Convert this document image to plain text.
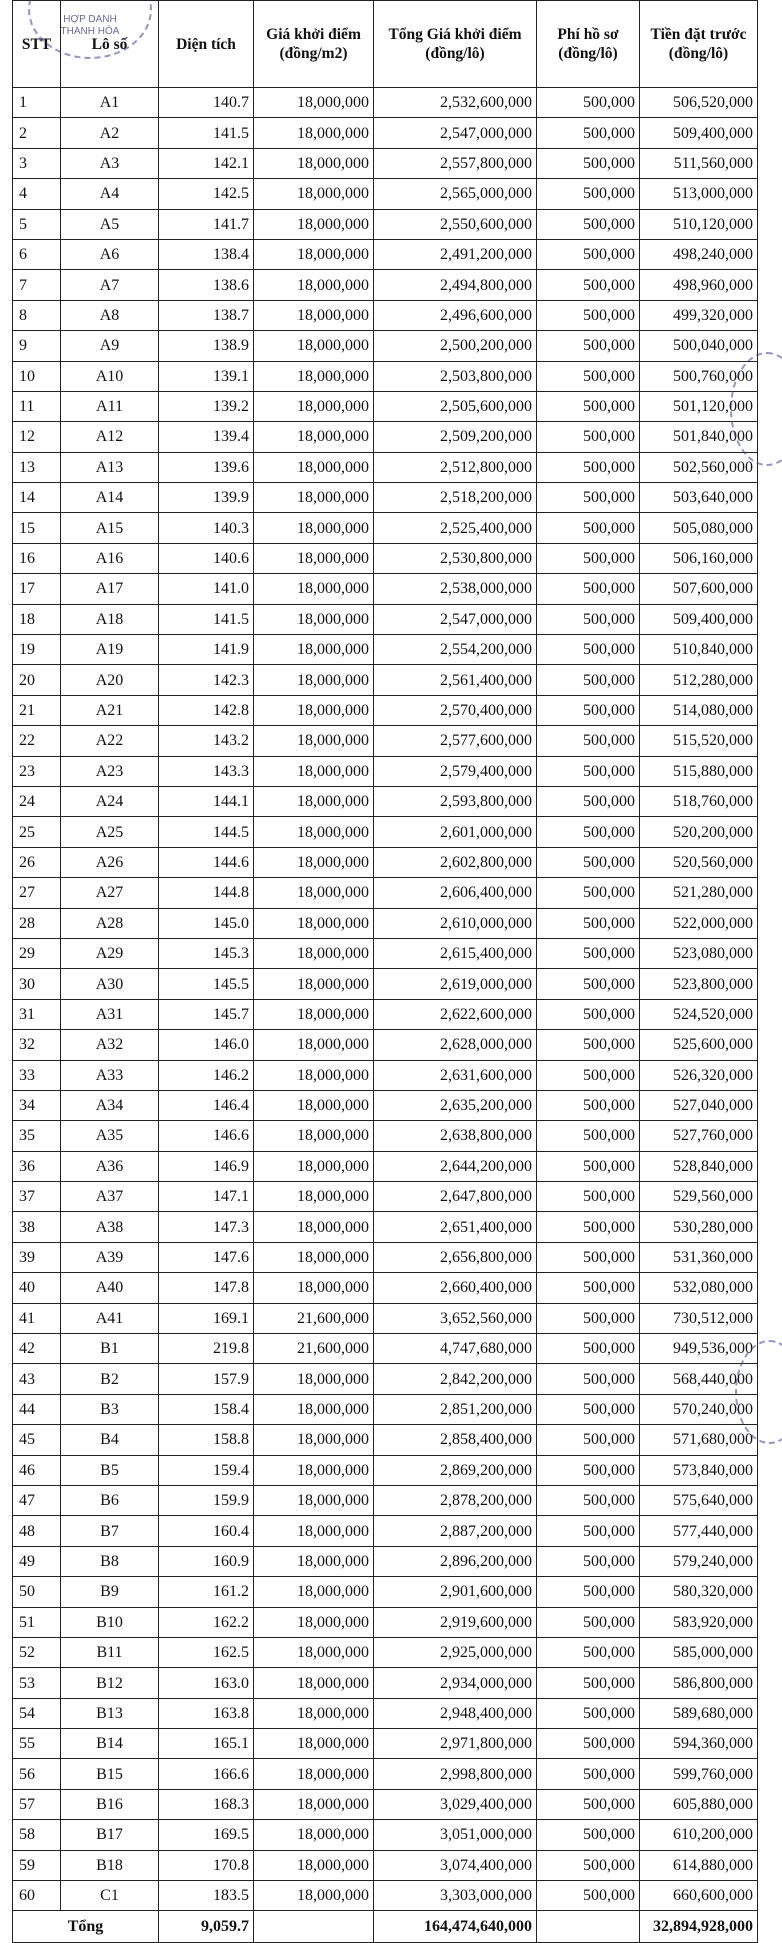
STT	Lô số	Diện tích	Giá khởi điểm (đồng/m2)	Tổng Giá khởi điểm (đồng/lô)	Phí hồ sơ (đồng/lô)	Tiền đặt trước (đồng/lô)
1	A1	140.7	18,000,000	2,532,600,000	500,000	506,520,000
2	A2	141.5	18,000,000	2,547,000,000	500,000	509,400,000
3	A3	142.1	18,000,000	2,557,800,000	500,000	511,560,000
4	A4	142.5	18,000,000	2,565,000,000	500,000	513,000,000
5	A5	141.7	18,000,000	2,550,600,000	500,000	510,120,000
6	A6	138.4	18,000,000	2,491,200,000	500,000	498,240,000
7	A7	138.6	18,000,000	2,494,800,000	500,000	498,960,000
8	A8	138.7	18,000,000	2,496,600,000	500,000	499,320,000
9	A9	138.9	18,000,000	2,500,200,000	500,000	500,040,000
10	A10	139.1	18,000,000	2,503,800,000	500,000	500,760,000
11	A11	139.2	18,000,000	2,505,600,000	500,000	501,120,000
12	A12	139.4	18,000,000	2,509,200,000	500,000	501,840,000
13	A13	139.6	18,000,000	2,512,800,000	500,000	502,560,000
14	A14	139.9	18,000,000	2,518,200,000	500,000	503,640,000
15	A15	140.3	18,000,000	2,525,400,000	500,000	505,080,000
16	A16	140.6	18,000,000	2,530,800,000	500,000	506,160,000
17	A17	141.0	18,000,000	2,538,000,000	500,000	507,600,000
18	A18	141.5	18,000,000	2,547,000,000	500,000	509,400,000
19	A19	141.9	18,000,000	2,554,200,000	500,000	510,840,000
20	A20	142.3	18,000,000	2,561,400,000	500,000	512,280,000
21	A21	142.8	18,000,000	2,570,400,000	500,000	514,080,000
22	A22	143.2	18,000,000	2,577,600,000	500,000	515,520,000
23	A23	143.3	18,000,000	2,579,400,000	500,000	515,880,000
24	A24	144.1	18,000,000	2,593,800,000	500,000	518,760,000
25	A25	144.5	18,000,000	2,601,000,000	500,000	520,200,000
26	A26	144.6	18,000,000	2,602,800,000	500,000	520,560,000
27	A27	144.8	18,000,000	2,606,400,000	500,000	521,280,000
28	A28	145.0	18,000,000	2,610,000,000	500,000	522,000,000
29	A29	145.3	18,000,000	2,615,400,000	500,000	523,080,000
30	A30	145.5	18,000,000	2,619,000,000	500,000	523,800,000
31	A31	145.7	18,000,000	2,622,600,000	500,000	524,520,000
32	A32	146.0	18,000,000	2,628,000,000	500,000	525,600,000
33	A33	146.2	18,000,000	2,631,600,000	500,000	526,320,000
34	A34	146.4	18,000,000	2,635,200,000	500,000	527,040,000
35	A35	146.6	18,000,000	2,638,800,000	500,000	527,760,000
36	A36	146.9	18,000,000	2,644,200,000	500,000	528,840,000
37	A37	147.1	18,000,000	2,647,800,000	500,000	529,560,000
38	A38	147.3	18,000,000	2,651,400,000	500,000	530,280,000
39	A39	147.6	18,000,000	2,656,800,000	500,000	531,360,000
40	A40	147.8	18,000,000	2,660,400,000	500,000	532,080,000
41	A41	169.1	21,600,000	3,652,560,000	500,000	730,512,000
42	B1	219.8	21,600,000	4,747,680,000	500,000	949,536,000
43	B2	157.9	18,000,000	2,842,200,000	500,000	568,440,000
44	B3	158.4	18,000,000	2,851,200,000	500,000	570,240,000
45	B4	158.8	18,000,000	2,858,400,000	500,000	571,680,000
46	B5	159.4	18,000,000	2,869,200,000	500,000	573,840,000
47	B6	159.9	18,000,000	2,878,200,000	500,000	575,640,000
48	B7	160.4	18,000,000	2,887,200,000	500,000	577,440,000
49	B8	160.9	18,000,000	2,896,200,000	500,000	579,240,000
50	B9	161.2	18,000,000	2,901,600,000	500,000	580,320,000
51	B10	162.2	18,000,000	2,919,600,000	500,000	583,920,000
52	B11	162.5	18,000,000	2,925,000,000	500,000	585,000,000
53	B12	163.0	18,000,000	2,934,000,000	500,000	586,800,000
54	B13	163.8	18,000,000	2,948,400,000	500,000	589,680,000
55	B14	165.1	18,000,000	2,971,800,000	500,000	594,360,000
56	B15	166.6	18,000,000	2,998,800,000	500,000	599,760,000
57	B16	168.3	18,000,000	3,029,400,000	500,000	605,880,000
58	B17	169.5	18,000,000	3,051,000,000	500,000	610,200,000
59	B18	170.8	18,000,000	3,074,400,000	500,000	614,880,000
60	C1	183.5	18,000,000	3,303,000,000	500,000	660,600,000
Tổng		9,059.7		164,474,640,000		32,894,928,000
HỢP DANH
THANH HÓA
